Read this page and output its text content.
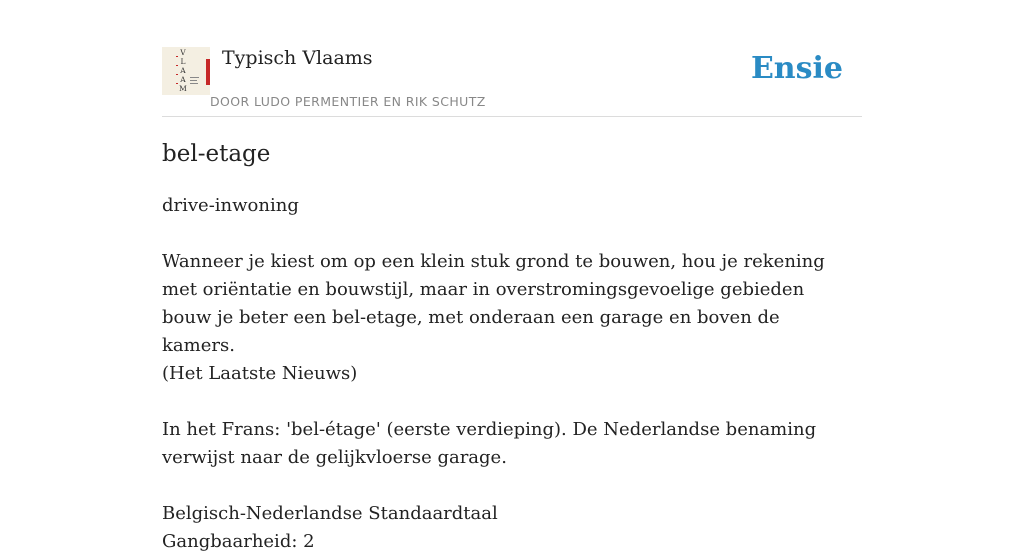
V
L
A
A
M
Typisch Vlaams
DOOR LUDO PERMENTIER EN RIK SCHUTZ
Ensie
bel-etage

drive-inwoning

Wanneer je kiest om op een klein stuk grond te bouwen, hou je rekening met oriëntatie en bouwstijl, maar in overstromingsgevoelige gebieden bouw je beter een bel-etage, met onderaan een garage en boven de kamers.

(Het Laatste Nieuws)

In het Frans: 'bel-étage' (eerste verdieping). De Nederlandse benaming verwijst naar de gelijkvloerse garage.

Belgisch-Nederlandse Standaardtaal

Gangbaarheid: 2
